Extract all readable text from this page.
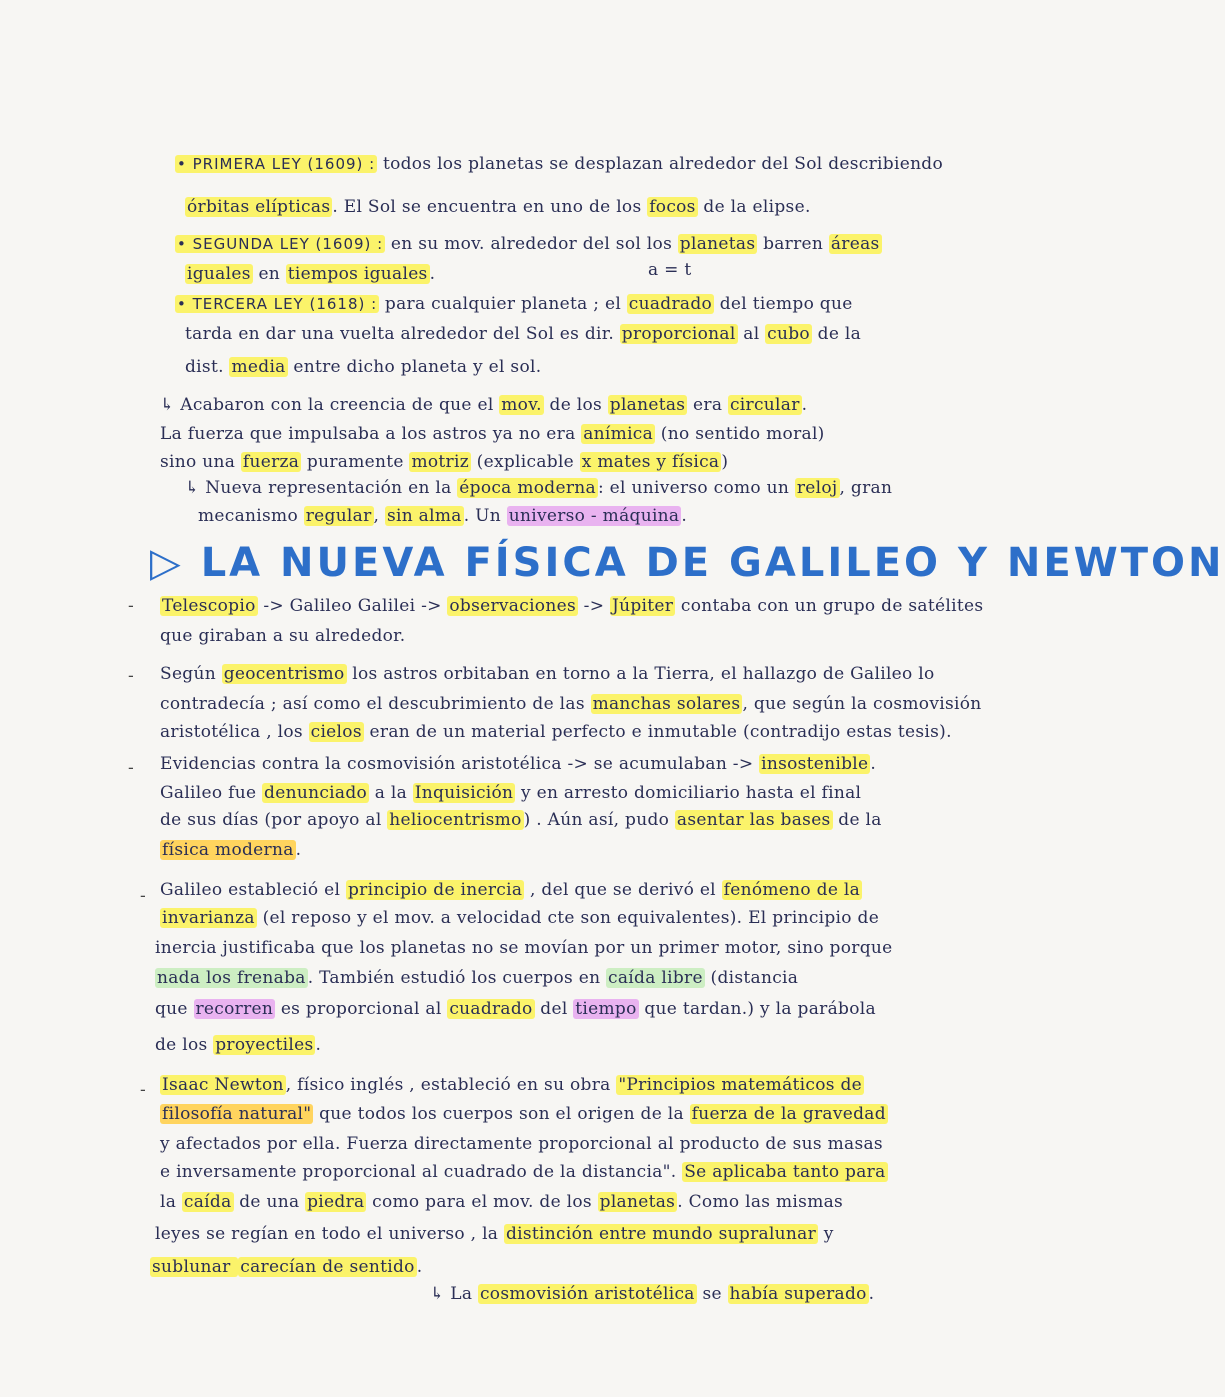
• PRIMERA LEY (1609) : todos los planetas se desplazan alrededor del Sol describiendo
órbitas elípticas . El Sol se encuentra en uno de los focos de la elipse.
• SEGUNDA LEY (1609) : en su mov. alrededor del sol los planetas barren áreas
iguales en tiempos iguales .	a = t
• TERCERA LEY (1618) : para cualquier planeta ; el cuadrado del tiempo que
tarda en dar una vuelta alrededor del Sol es dir. proporcional al cubo de la
dist. media entre dicho planeta y el sol.
↳ Acabaron con la creencia de que el mov. de los planetas era circular .
La fuerza que impulsaba a los astros ya no era anímica (no sentido moral)
sino una fuerza puramente motriz (explicable x mates y física )
↳ Nueva representación en la época moderna : el universo como un reloj , gran
mecanismo regular , sin alma . Un universo - máquina .
▷ LA NUEVA FÍSICA DE GALILEO Y NEWTON
- Telescopio -> Galileo Galilei -> observaciones -> Júpiter contaba con un grupo de satélites
que giraban a su alrededor.
- Según geocentrismo los astros orbitaban en torno a la Tierra, el hallazgo de Galileo lo
contradecía ; así como el descubrimiento de las manchas solares , que según la cosmovisión
aristotélica , los cielos eran de un material perfecto e inmutable (contradijo estas tesis).
- Evidencias contra la cosmovisión aristotélica -> se acumulaban -> insostenible .
Galileo fue denunciado a la Inquisición y en arresto domiciliario hasta el final
de sus días (por apoyo al heliocentrismo ) . Aún así, pudo asentar las bases de la
física moderna .
- Galileo estableció el principio de inercia , del que se derivó el fenómeno de la
invarianza (el reposo y el mov. a velocidad cte son equivalentes). El principio de
inercia justificaba que los planetas no se movían por un primer motor, sino porque
nada los frenaba . También estudió los cuerpos en caída libre (distancia
que recorren es proporcional al cuadrado del tiempo que tardan.) y la parábola
de los proyectiles .
- Isaac Newton , físico inglés , estableció en su obra "Principios matemáticos de
filosofía natural" que todos los cuerpos son el origen de la fuerza de la gravedad
y afectados por ella. Fuerza directamente proporcional al producto de sus masas
e inversamente proporcional al cuadrado de la distancia". Se aplicaba tanto para
la caída de una piedra como para el mov. de los planetas . Como las mismas
leyes se regían en todo el universo , la distinción entre mundo supralunar y
sublunar carecían de sentido .
↳ La cosmovisión aristotélica se había superado .
